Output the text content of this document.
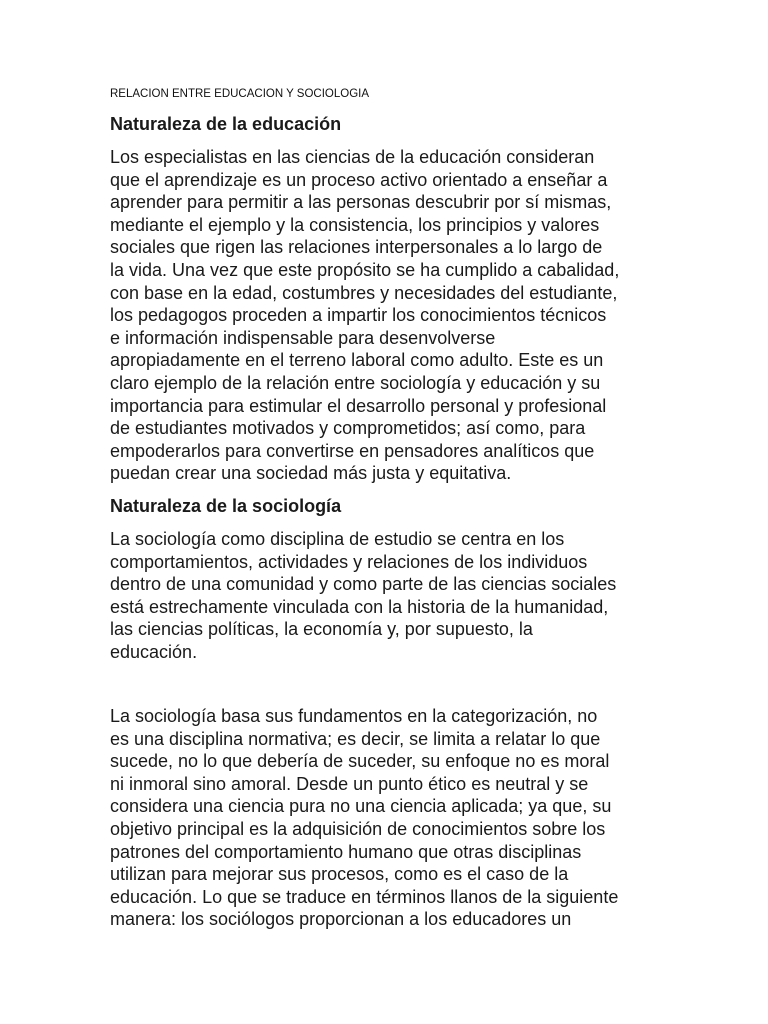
RELACION ENTRE EDUCACION Y SOCIOLOGIA
Naturaleza de la educación
Los especialistas en las ciencias de la educación consideran
que el aprendizaje es un proceso activo orientado a enseñar a
aprender para permitir a las personas descubrir por sí mismas,
mediante el ejemplo y la consistencia, los principios y valores
sociales que rigen las relaciones interpersonales a lo largo de
la vida. Una vez que este propósito se ha cumplido a cabalidad,
con base en la edad, costumbres y necesidades del estudiante,
los pedagogos proceden a impartir los conocimientos técnicos
e información indispensable para desenvolverse
apropiadamente en el terreno laboral como adulto. Este es un
claro ejemplo de la relación entre sociología y educación y su
importancia para estimular el desarrollo personal y profesional
de estudiantes motivados y comprometidos; así como, para
empoderarlos para convertirse en pensadores analíticos que
puedan crear una sociedad más justa y equitativa.
Naturaleza de la sociología
La sociología como disciplina de estudio se centra en los
comportamientos, actividades y relaciones de los individuos
dentro de una comunidad y como parte de las ciencias sociales
está estrechamente vinculada con la historia de la humanidad,
las ciencias políticas, la economía y, por supuesto, la
educación.
La sociología basa sus fundamentos en la categorización, no
es una disciplina normativa; es decir, se limita a relatar lo que
sucede, no lo que debería de suceder, su enfoque no es moral
ni inmoral sino amoral. Desde un punto ético es neutral y se
considera una ciencia pura no una ciencia aplicada; ya que, su
objetivo principal es la adquisición de conocimientos sobre los
patrones del comportamiento humano que otras disciplinas
utilizan para mejorar sus procesos, como es el caso de la
educación. Lo que se traduce en términos llanos de la siguiente
manera: los sociólogos proporcionan a los educadores un
